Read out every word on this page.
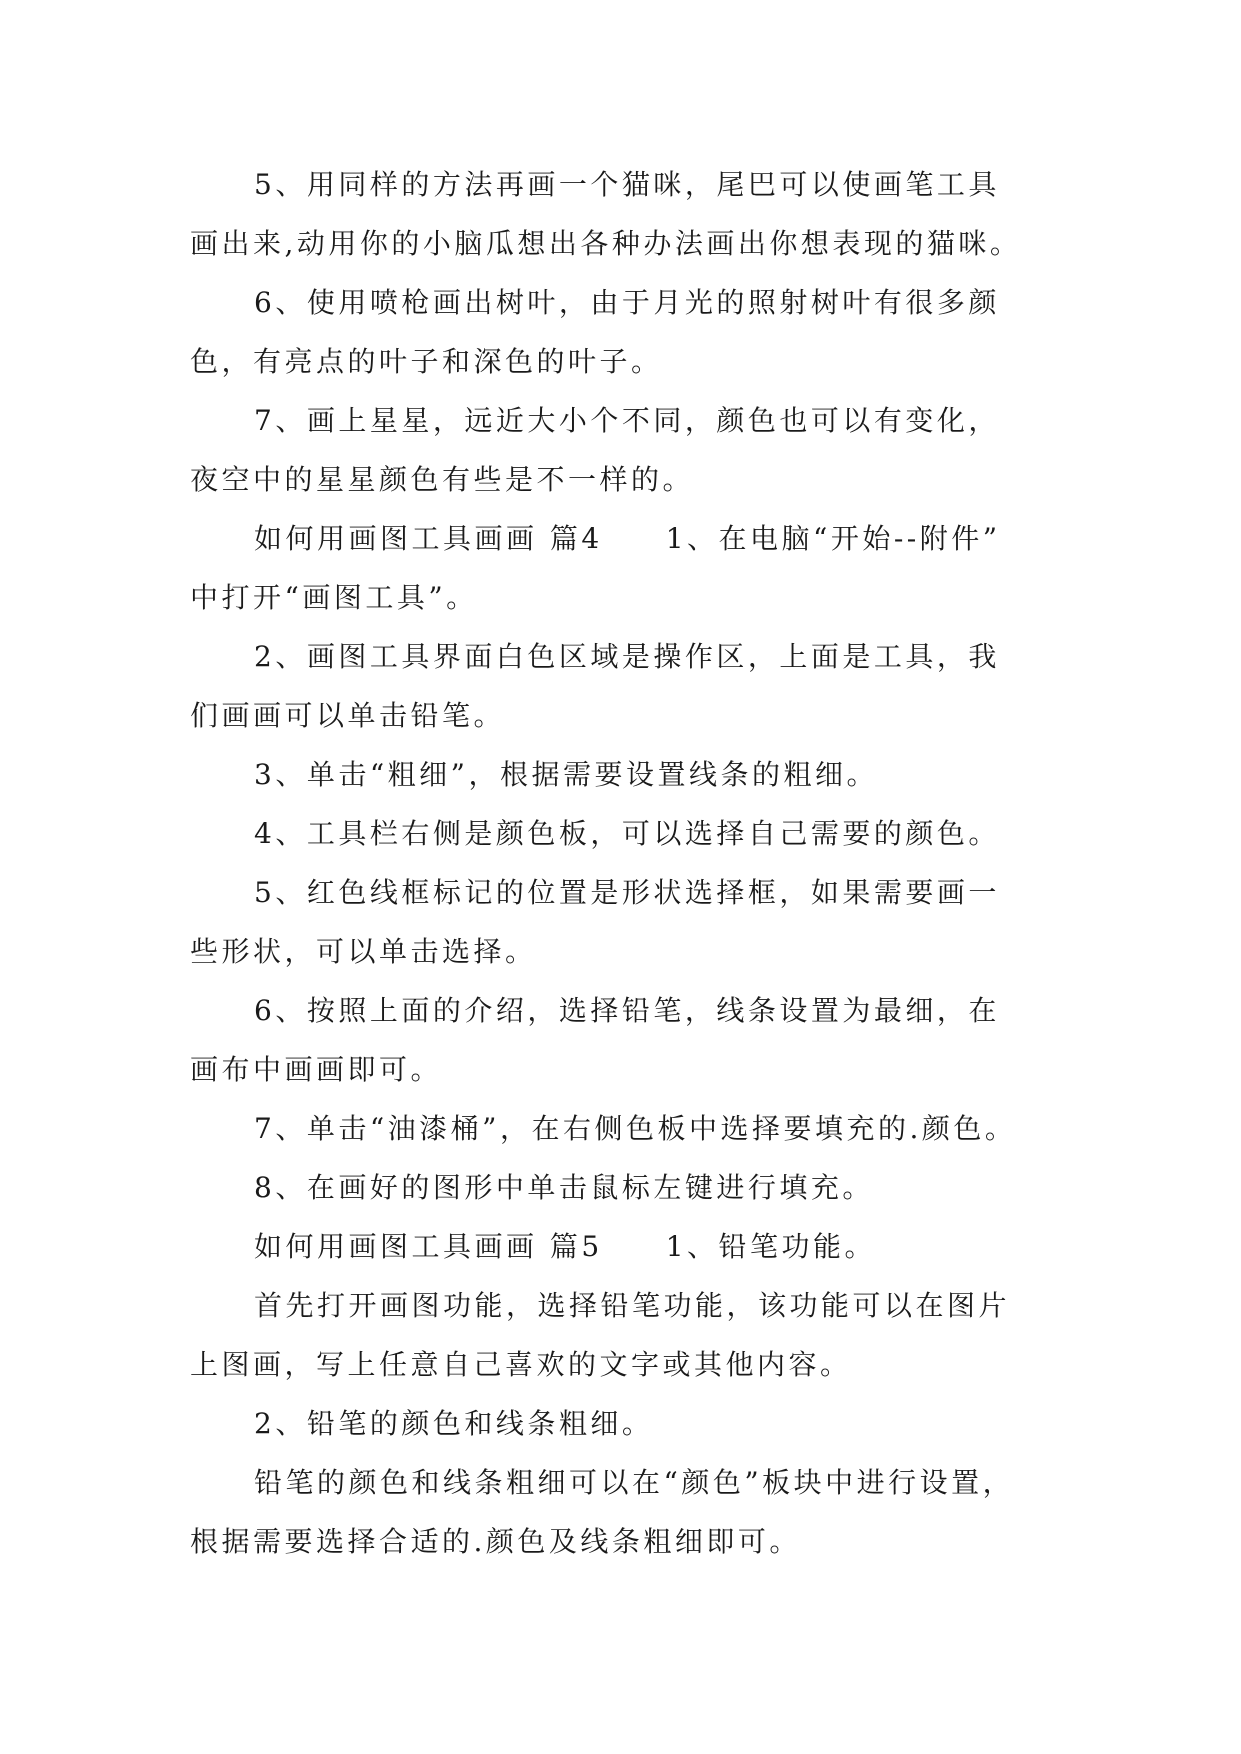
5、用同样的方法再画一个猫咪，尾巴可以使画笔工具
画出来,动用你的小脑瓜想出各种办法画出你想表现的猫咪。
6、使用喷枪画出树叶，由于月光的照射树叶有很多颜
色，有亮点的叶子和深色的叶子。
7、画上星星，远近大小个不同，颜色也可以有变化，
夜空中的星星颜色有些是不一样的。
如何用画图工具画画 篇4　　1、在电脑“开始--附件”
中打开“画图工具”。
2、画图工具界面白色区域是操作区，上面是工具，我
们画画可以单击铅笔。
3、单击“粗细”，根据需要设置线条的粗细。
4、工具栏右侧是颜色板，可以选择自己需要的颜色。
5、红色线框标记的位置是形状选择框，如果需要画一
些形状，可以单击选择。
6、按照上面的介绍，选择铅笔，线条设置为最细，在
画布中画画即可。
7、单击“油漆桶”，在右侧色板中选择要填充的.颜色。
8、在画好的图形中单击鼠标左键进行填充。
如何用画图工具画画 篇5　　1、铅笔功能。
首先打开画图功能，选择铅笔功能，该功能可以在图片
上图画，写上任意自己喜欢的文字或其他内容。
2、铅笔的颜色和线条粗细。
铅笔的颜色和线条粗细可以在“颜色”板块中进行设置，
根据需要选择合适的.颜色及线条粗细即可。
